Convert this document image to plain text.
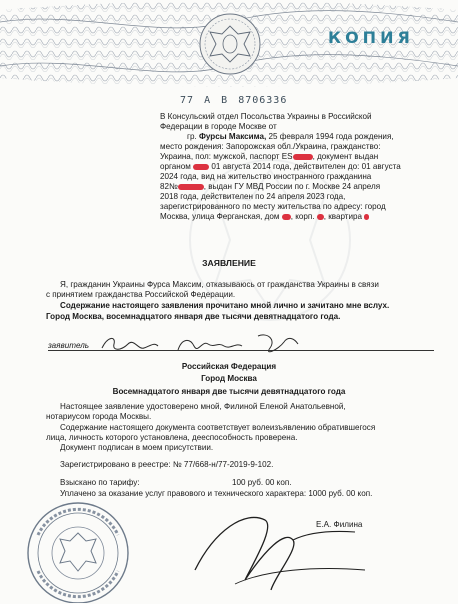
КОПИЯ
77 А В 8706336
В Консульский отдел Посольства Украины в Российской
Федерации в городе Москве от
гр. Фурсы Максима, 25 февраля 1994 года рождения,
место рождения: Запорожская обл./Украина, гражданство:
Украина, пол: мужской, паспорт ES , документ выдан
органом	01 августа 2014 года, действителен до: 01 августа
2024 года, вид на жительство иностранного гражданина
82№	, выдан ГУ МВД России по г. Москве 24 апреля
2018 года, действителен по 24 апреля 2023 года,
зарегистрированного по месту жительства по адресу: город
Москва, улица Ферганская, дом , корп. , квартира
ЗАЯВЛЕНИЕ
Я, гражданин Украины Фурса Максим, отказываюсь от гражданства Украины в связи
с принятием гражданства Российской Федерации.
Содержание настоящего заявления прочитано мной лично и зачитано мне вслух.
Город Москва, восемнадцатого января две тысячи девятнадцатого года.
заявитель
Российская Федерация
Город Москва
Восемнадцатого января две тысячи девятнадцатого года
Настоящее заявление удостоверено мной, Филиной Еленой Анатольевной,
нотариусом города Москвы.
Содержание настоящего документа соответствует волеизъявлению обратившегося
лица, личность которого установлена, дееспособность проверена.
Документ подписан в моем присутствии.
Зарегистрировано в реестре: № 77/668-н/77-2019-9-102.
Взыскано по тарифу:	100 руб. 00 коп.
Уплачено за оказание услуг правового и технического характера: 1000 руб. 00 коп.
Е.А. Филина
